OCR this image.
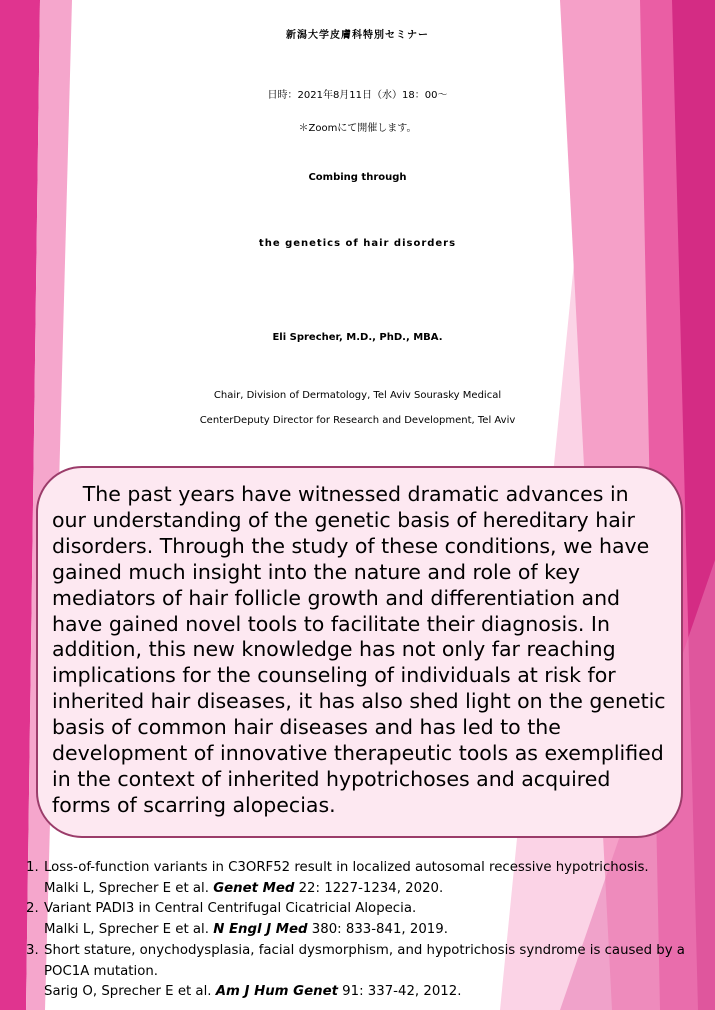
新潟大学皮膚科特別セミナー
日時：2021年8月11日（水）18：00〜
＊Zoomにて開催します。
Combing through
the genetics of hair disorders
Eli Sprecher, M.D., PhD., MBA.
Chair, Division of Dermatology, Tel Aviv Sourasky Medical
CenterDeputy Director for Research and Development, Tel Aviv

The past years have witnessed dramatic advances in our understanding of the genetic basis of hereditary hair disorders. Through the study of these conditions, we have gained much insight into the nature and role of key mediators of hair follicle growth and differentiation and have gained novel tools to facilitate their diagnosis. In addition, this new knowledge has not only far reaching implications for the counseling of individuals at risk for inherited hair diseases, it has also shed light on the genetic basis of common hair diseases and has led to the development of innovative therapeutic tools as exemplified in the context of inherited hypotrichoses and acquired forms of scarring alopecias.

1. Loss-of-function variants in C3ORF52 result in localized autosomal recessive hypotrichosis.
Malki L, Sprecher E et al. Genet Med 22: 1227-1234, 2020.
2. Variant PADI3 in Central Centrifugal Cicatricial Alopecia.
Malki L, Sprecher E et al. N Engl J Med 380: 833-841, 2019.
3. Short stature, onychodysplasia, facial dysmorphism, and hypotrichosis syndrome is caused by a POC1A mutation.
Sarig O, Sprecher E et al. Am J Hum Genet 91: 337-42, 2012.
